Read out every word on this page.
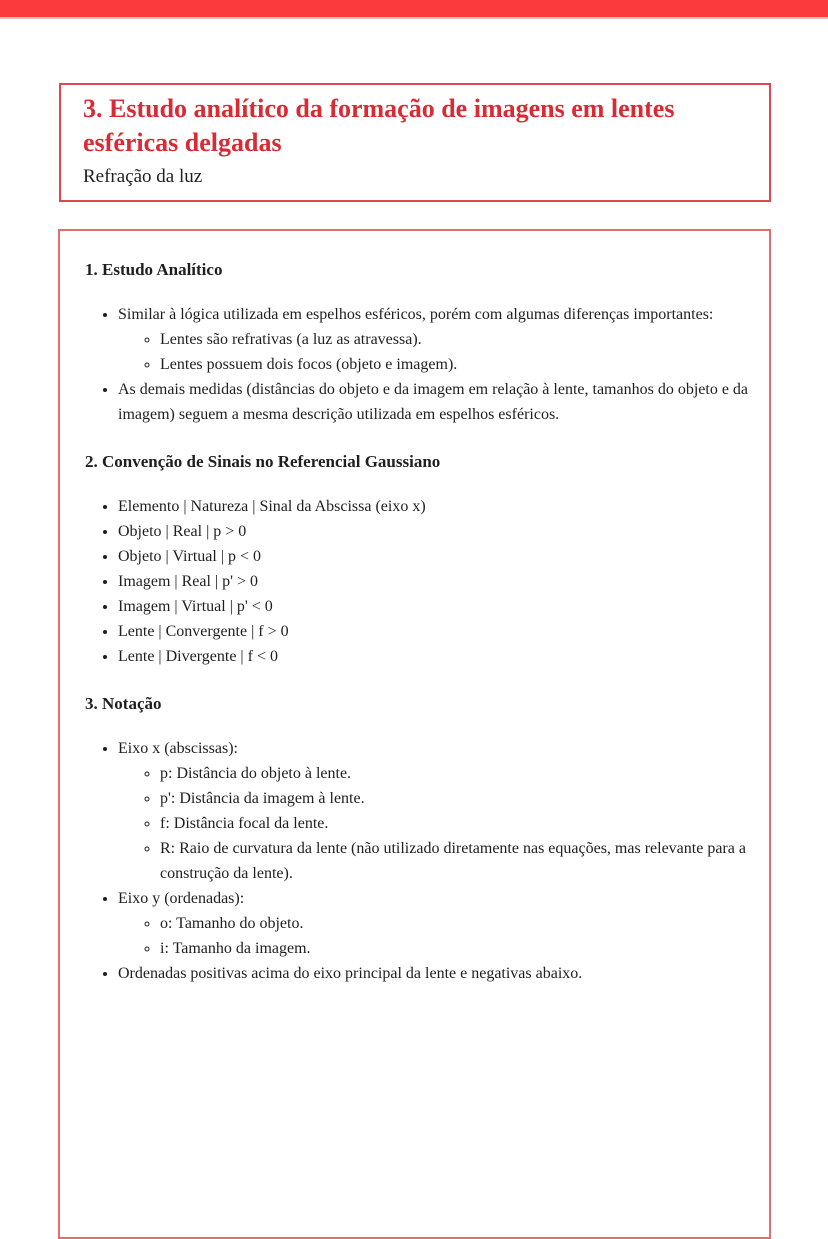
3. Estudo analítico da formação de imagens em lentes esféricas delgadas
Refração da luz
1. Estudo Analítico
• Similar à lógica utilizada em espelhos esféricos, porém com algumas diferenças importantes:
◦ Lentes são refrativas (a luz as atravessa).
◦ Lentes possuem dois focos (objeto e imagem).
• As demais medidas (distâncias do objeto e da imagem em relação à lente, tamanhos do objeto e da imagem) seguem a mesma descrição utilizada em espelhos esféricos.
2. Convenção de Sinais no Referencial Gaussiano
• Elemento | Natureza | Sinal da Abscissa (eixo x)
• Objeto | Real | p > 0
• Objeto | Virtual | p < 0
• Imagem | Real | p' > 0
• Imagem | Virtual | p' < 0
• Lente | Convergente | f > 0
• Lente | Divergente | f < 0
3. Notação
• Eixo x (abscissas):
◦ p: Distância do objeto à lente.
◦ p': Distância da imagem à lente.
◦ f: Distância focal da lente.
◦ R: Raio de curvatura da lente (não utilizado diretamente nas equações, mas relevante para a construção da lente).
• Eixo y (ordenadas):
◦ o: Tamanho do objeto.
◦ i: Tamanho da imagem.
• Ordenadas positivas acima do eixo principal da lente e negativas abaixo.
